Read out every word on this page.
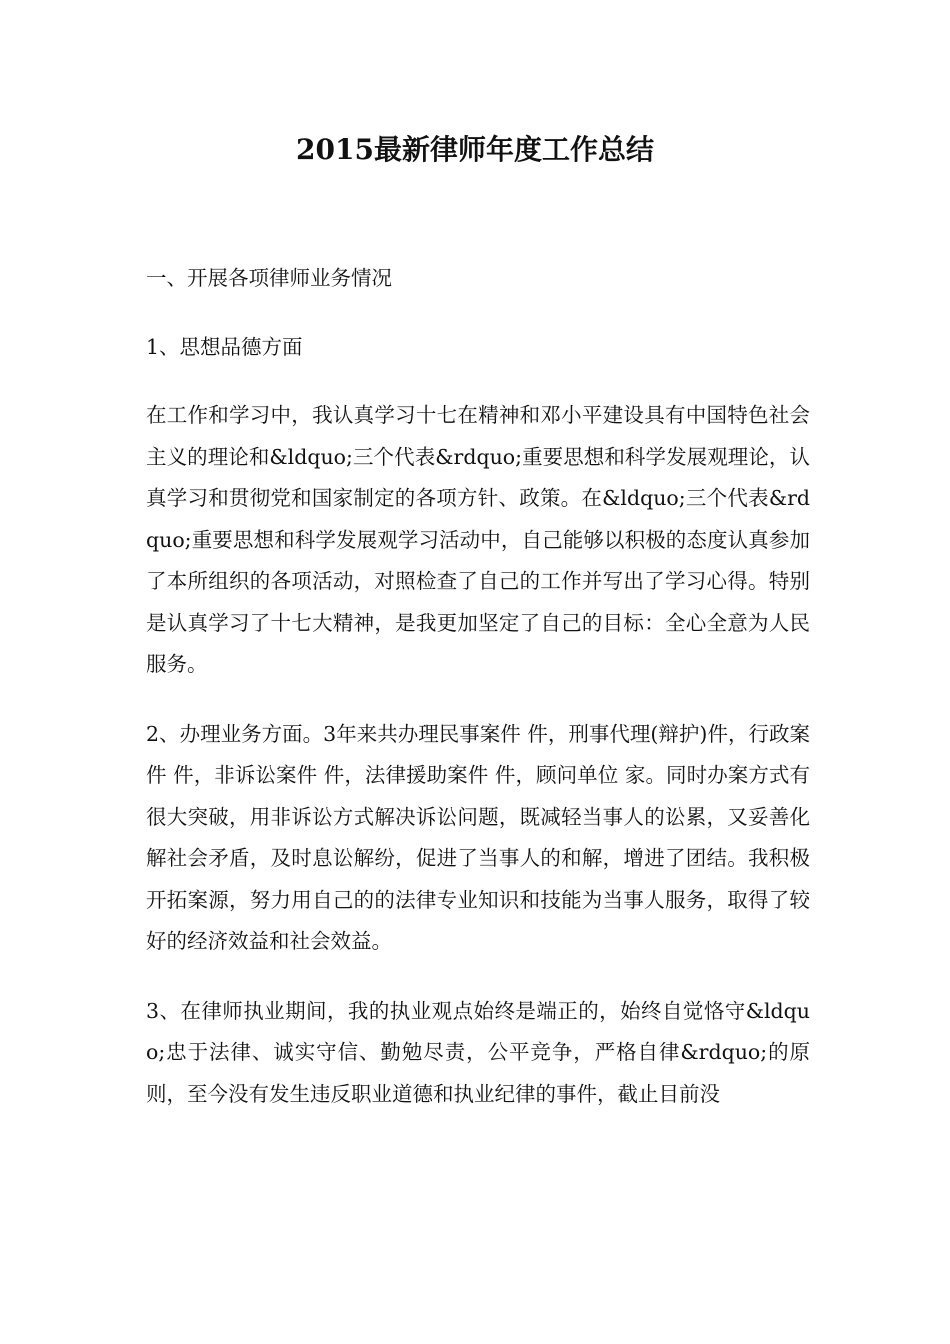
2015最新律师年度工作总结

一、开展各项律师业务情况

1、思想品德方面

在工作和学习中，我认真学习十七在精神和邓小平建设具有中国特色社会主义的理论和&ldquo;三个代表&rdquo;重要思想和科学发展观理论，认真学习和贯彻党和国家制定的各项方针、政策。在&ldquo;三个代表&rdquo;重要思想和科学发展观学习活动中，自己能够以积极的态度认真参加了本所组织的各项活动，对照检查了自己的工作并写出了学习心得。特别是认真学习了十七大精神，是我更加坚定了自己的目标：全心全意为人民服务。

2、办理业务方面。3年来共办理民事案件 件，刑事代理(辩护)件，行政案件 件，非诉讼案件 件，法律援助案件 件，顾问单位 家。同时办案方式有很大突破，用非诉讼方式解决诉讼问题，既减轻当事人的讼累，又妥善化解社会矛盾，及时息讼解纷，促进了当事人的和解，增进了团结。我积极开拓案源，努力用自己的的法律专业知识和技能为当事人服务，取得了较好的经济效益和社会效益。

3、在律师执业期间，我的执业观点始终是端正的，始终自觉恪守&ldquo;忠于法律、诚实守信、勤勉尽责，公平竞争，严格自律&rdquo;的原则，至今没有发生违反职业道德和执业纪律的事件，截止目前没
